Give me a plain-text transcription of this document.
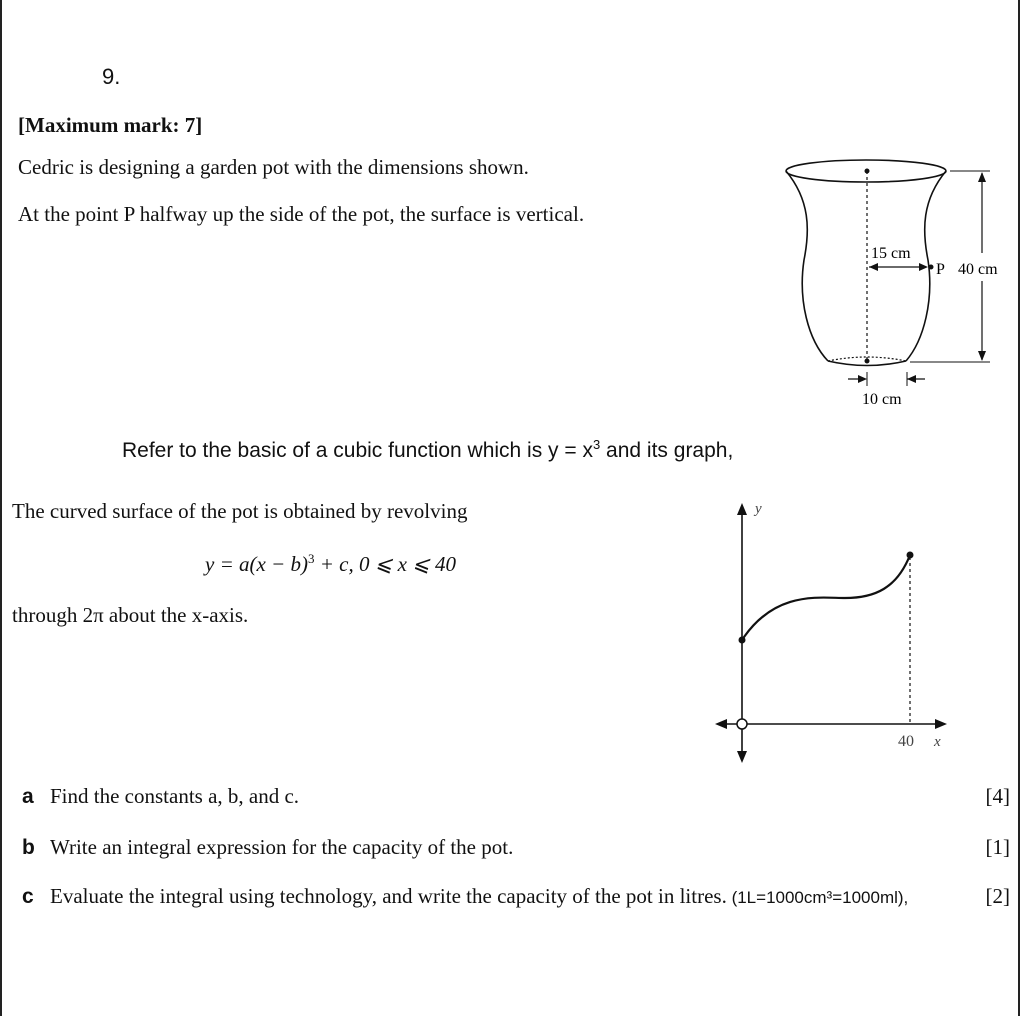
9.
[Maximum mark: 7]
Cedric is designing a garden pot with the dimensions shown.
At the point P halfway up the side of the pot, the surface is vertical.
15 cm
P 40 cm
10 cm
Refer to the basic of a cubic function which is $y = x^3$ and its graph,
The curved surface of the pot is obtained by revolving
$y = a(x - b)^3 + c$, 0 ⩽ x ⩽ 40
through 2π about the x-axis.
y
40 x
a Find the constants a, b, and c.	[4]
b Write an integral expression for the capacity of the pot.	[1]
c Evaluate the integral using technology, and write the capacity of the pot in litres. (1L=1000cm³=1000ml),	[2]
